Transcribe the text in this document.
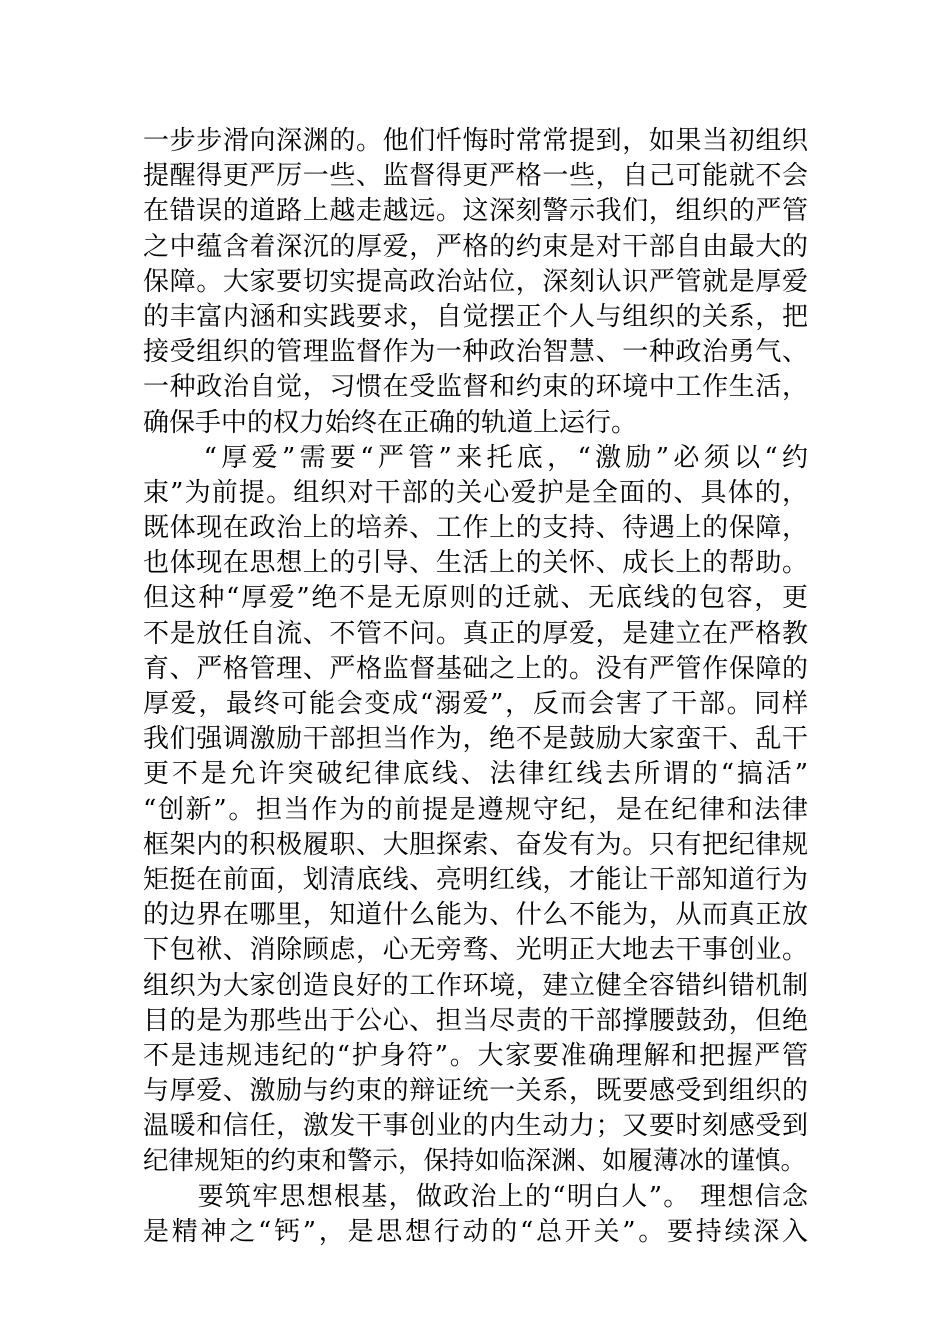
一步步滑向深渊的。他们忏悔时常常提到，如果当初组织
提醒得更严厉一些、监督得更严格一些，自己可能就不会
在错误的道路上越走越远。这深刻警示我们，组织的严管
之中蕴含着深沉的厚爱，严格的约束是对干部自由最大的
保障。大家要切实提高政治站位，深刻认识严管就是厚爱
的丰富内涵和实践要求，自觉摆正个人与组织的关系，把
接受组织的管理监督作为一种政治智慧、一种政治勇气、
一种政治自觉，习惯在受监督和约束的环境中工作生活，
确保手中的权力始终在正确的轨道上运行。
　　“厚爱”需要“严管”来托底，“激励”必须以“约
束”为前提。组织对干部的关心爱护是全面的、具体的，
既体现在政治上的培养、工作上的支持、待遇上的保障，
也体现在思想上的引导、生活上的关怀、成长上的帮助。
但这种“厚爱”绝不是无原则的迁就、无底线的包容，更
不是放任自流、不管不问。真正的厚爱，是建立在严格教
育、严格管理、严格监督基础之上的。没有严管作保障的
厚爱，最终可能会变成“溺爱”，反而会害了干部。同样
我们强调激励干部担当作为，绝不是鼓励大家蛮干、乱干
更不是允许突破纪律底线、法律红线去所谓的“搞活”
“创新”。担当作为的前提是遵规守纪，是在纪律和法律
框架内的积极履职、大胆探索、奋发有为。只有把纪律规
矩挺在前面，划清底线、亮明红线，才能让干部知道行为
的边界在哪里，知道什么能为、什么不能为，从而真正放
下包袱、消除顾虑，心无旁骛、光明正大地去干事创业。
组织为大家创造良好的工作环境，建立健全容错纠错机制
目的是为那些出于公心、担当尽责的干部撑腰鼓劲，但绝
不是违规违纪的“护身符”。大家要准确理解和把握严管
与厚爱、激励与约束的辩证统一关系，既要感受到组织的
温暖和信任，激发干事创业的内生动力；又要时刻感受到
纪律规矩的约束和警示，保持如临深渊、如履薄冰的谨慎。
　　要筑牢思想根基，做政治上的“明白人”。 理想信念
是精神之“钙”，是思想行动的“总开关”。要持续深入
